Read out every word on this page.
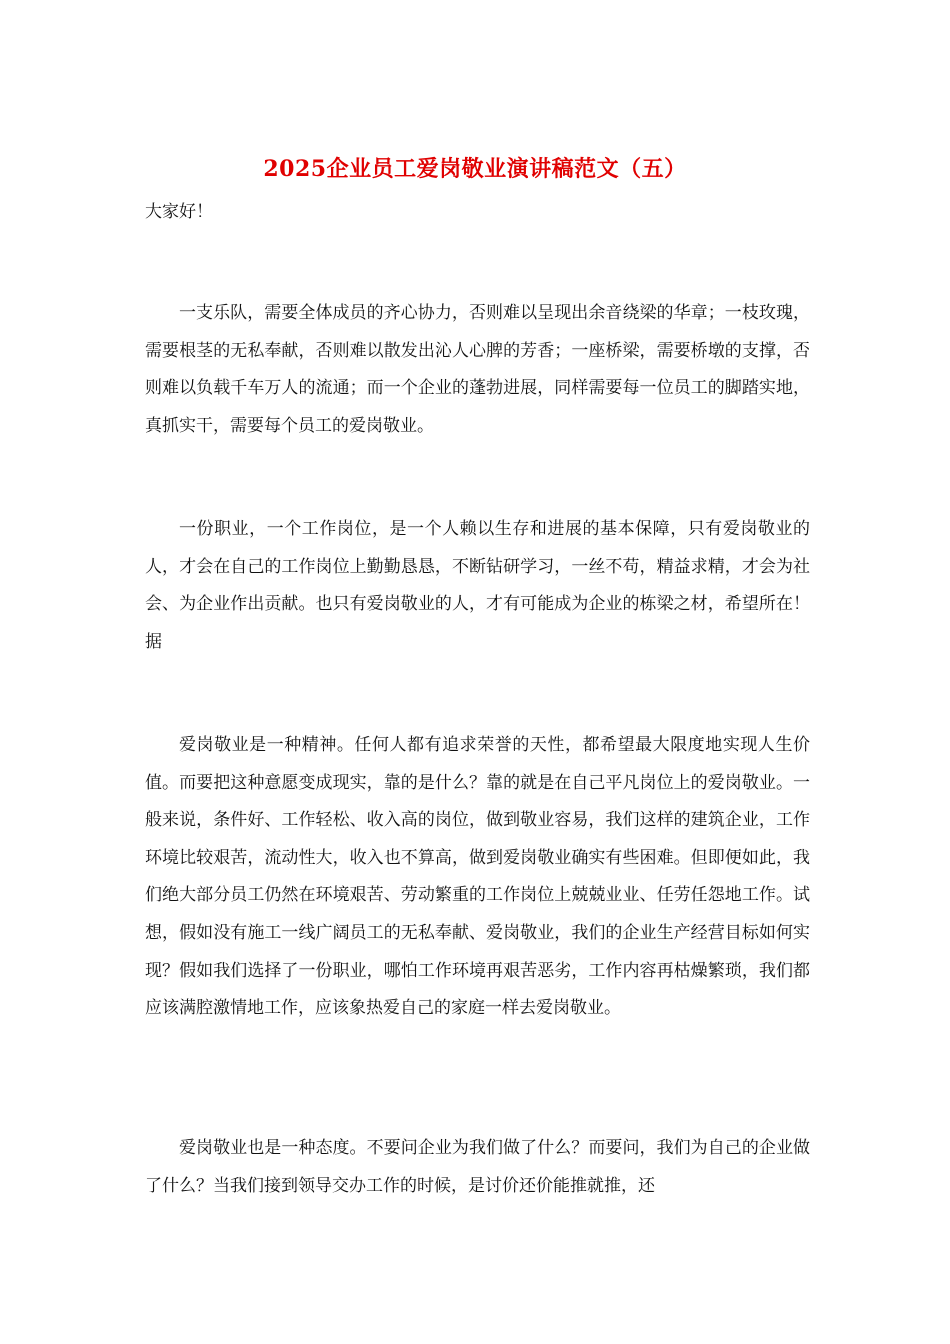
2025企业员工爱岗敬业演讲稿范文（五）
大家好！

一支乐队，需要全体成员的齐心协力，否则难以呈现出余音绕梁的华章；一枝玫瑰，需要根茎的无私奉献，否则难以散发出沁人心脾的芳香；一座桥梁，需要桥墩的支撑，否则难以负载千车万人的流通；而一个企业的蓬勃进展，同样需要每一位员工的脚踏实地，真抓实干，需要每个员工的爱岗敬业。

一份职业，一个工作岗位，是一个人赖以生存和进展的基本保障，只有爱岗敬业的人，才会在自己的工作岗位上勤勤恳恳，不断钻研学习，一丝不苟，精益求精，才会为社会、为企业作出贡献。也只有爱岗敬业的人，才有可能成为企业的栋梁之材，希望所在！据

爱岗敬业是一种精神。任何人都有追求荣誉的天性，都希望最大限度地实现人生价值。而要把这种意愿变成现实，靠的是什么？靠的就是在自己平凡岗位上的爱岗敬业。一般来说，条件好、工作轻松、收入高的岗位，做到敬业容易，我们这样的建筑企业，工作环境比较艰苦，流动性大，收入也不算高，做到爱岗敬业确实有些困难。但即便如此，我们绝大部分员工仍然在环境艰苦、劳动繁重的工作岗位上兢兢业业、任劳任怨地工作。试想，假如没有施工一线广阔员工的无私奉献、爱岗敬业，我们的企业生产经营目标如何实现？假如我们选择了一份职业，哪怕工作环境再艰苦恶劣，工作内容再枯燥繁琐，我们都应该满腔激情地工作，应该象热爱自己的家庭一样去爱岗敬业。

爱岗敬业也是一种态度。不要问企业为我们做了什么？而要问，我们为自己的企业做了什么？当我们接到领导交办工作的时候，是讨价还价能推就推，还
